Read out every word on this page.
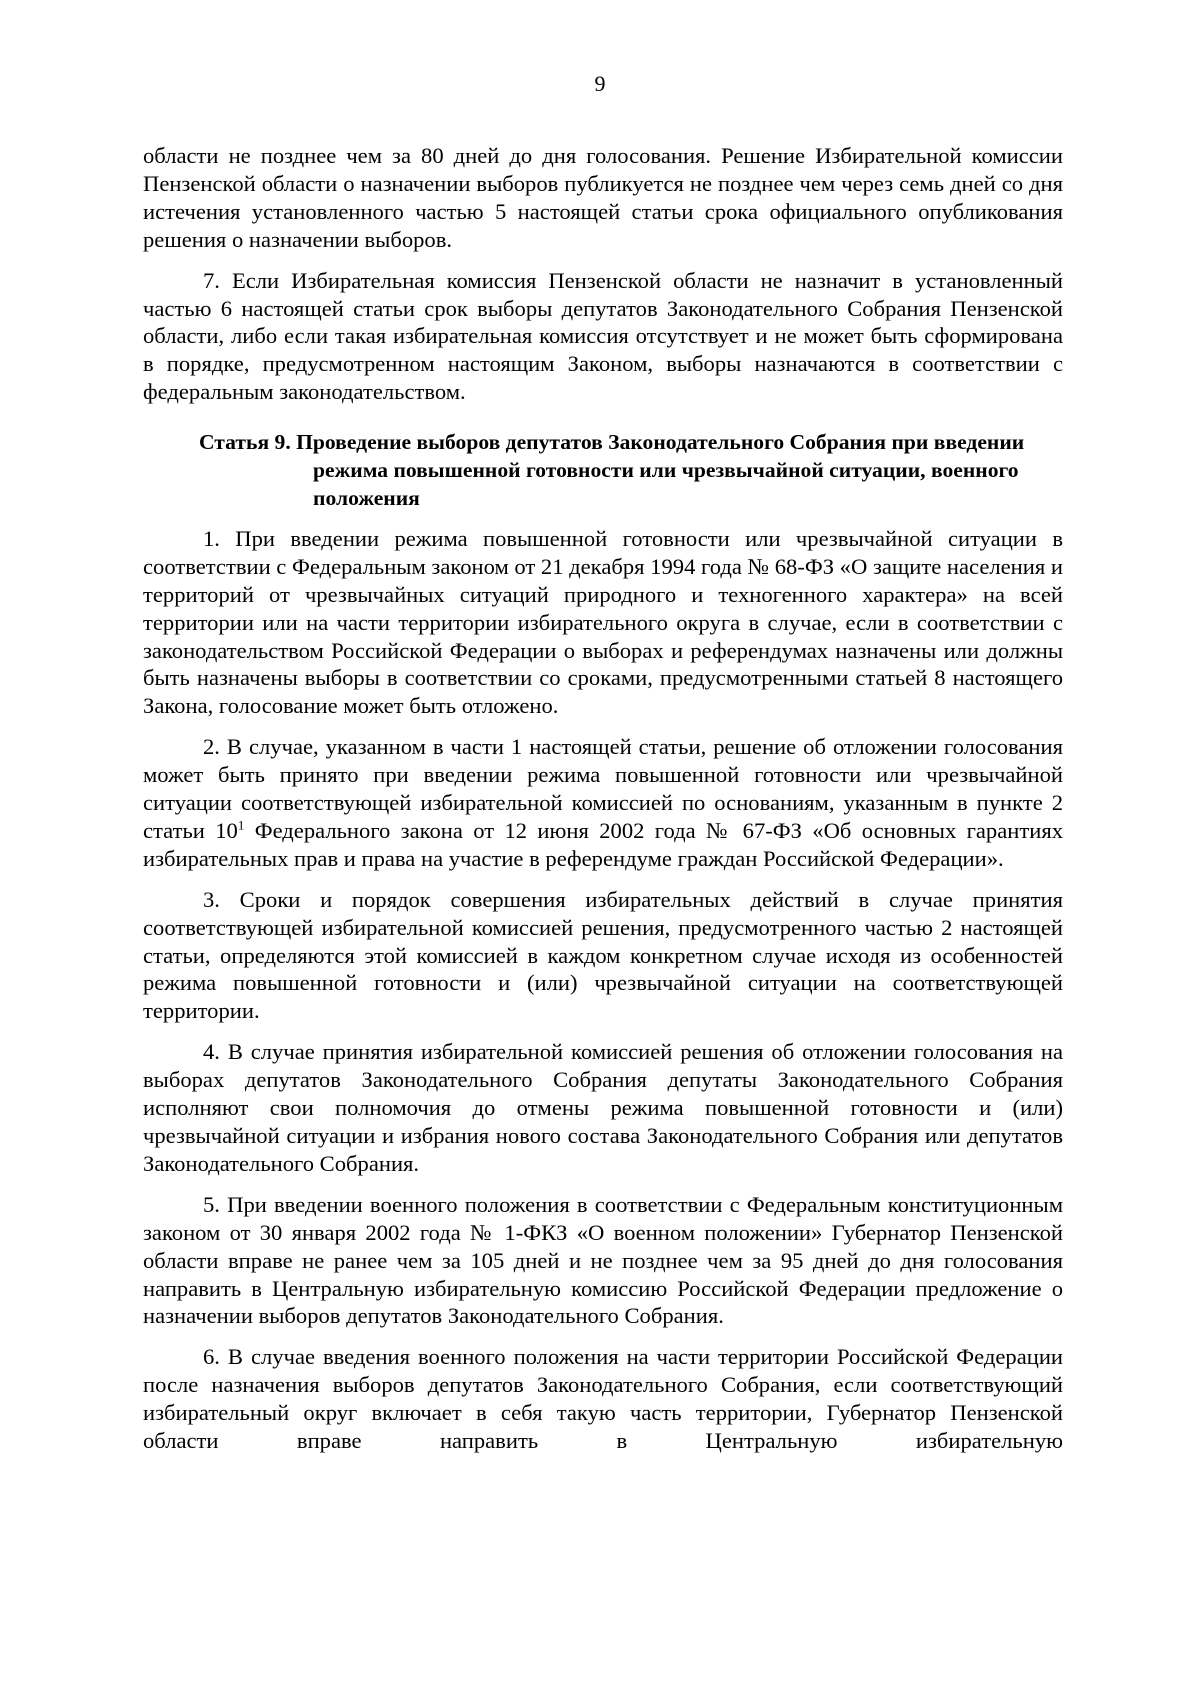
9

области не позднее чем за 80 дней до дня голосования. Решение Избирательной комиссии Пензенской области о назначении выборов публикуется не позднее чем через семь дней со дня истечения установленного частью 5 настоящей статьи срока официального опубликования решения о назначении выборов.

7. Если Избирательная комиссия Пензенской области не назначит в установленный частью 6 настоящей статьи срок выборы депутатов Законодательного Собрания Пензенской области, либо если такая избирательная комиссия отсутствует и не может быть сформирована в порядке, предусмотренном настоящим Законом, выборы назначаются в соответствии с федеральным законодательством.

Статья 9. Проведение выборов депутатов Законодательного Собрания при введении режима повышенной готовности или чрезвычайной ситуации, военного положения

1. При введении режима повышенной готовности или чрезвычайной ситуации в соответствии с Федеральным законом от 21 декабря 1994 года № 68-ФЗ «О защите населения и территорий от чрезвычайных ситуаций природного и техногенного характера» на всей территории или на части территории избирательного округа в случае, если в соответствии с законодательством Российской Федерации о выборах и референдумах назначены или должны быть назначены выборы в соответствии со сроками, предусмотренными статьей 8 настоящего Закона, голосование может быть отложено.

2. В случае, указанном в части 1 настоящей статьи, решение об отложении голосования может быть принято при введении режима повышенной готовности или чрезвычайной ситуации соответствующей избирательной комиссией по основаниям, указанным в пункте 2 статьи $10^1$ Федерального закона от 12 июня 2002 года № 67-ФЗ «Об основных гарантиях избирательных прав и права на участие в референдуме граждан Российской Федерации».

3. Сроки и порядок совершения избирательных действий в случае принятия соответствующей избирательной комиссией решения, предусмотренного частью 2 настоящей статьи, определяются этой комиссией в каждом конкретном случае исходя из особенностей режима повышенной готовности и (или) чрезвычайной ситуации на соответствующей территории.

4. В случае принятия избирательной комиссией решения об отложении голосования на выборах депутатов Законодательного Собрания депутаты Законодательного Собрания исполняют свои полномочия до отмены режима повышенной готовности и (или) чрезвычайной ситуации и избрания нового состава Законодательного Собрания или депутатов Законодательного Собрания.

5. При введении военного положения в соответствии с Федеральным конституционным законом от 30 января 2002 года № 1-ФКЗ «О военном положении» Губернатор Пензенской области вправе не ранее чем за 105 дней и не позднее чем за 95 дней до дня голосования направить в Центральную избирательную комиссию Российской Федерации предложение о назначении выборов депутатов Законодательного Собрания.

6. В случае введения военного положения на части территории Российской Федерации после назначения выборов депутатов Законодательного Собрания, если соответствующий избирательный округ включает в себя такую часть территории, Губернатор Пензенской области вправе направить в Центральную избирательную
